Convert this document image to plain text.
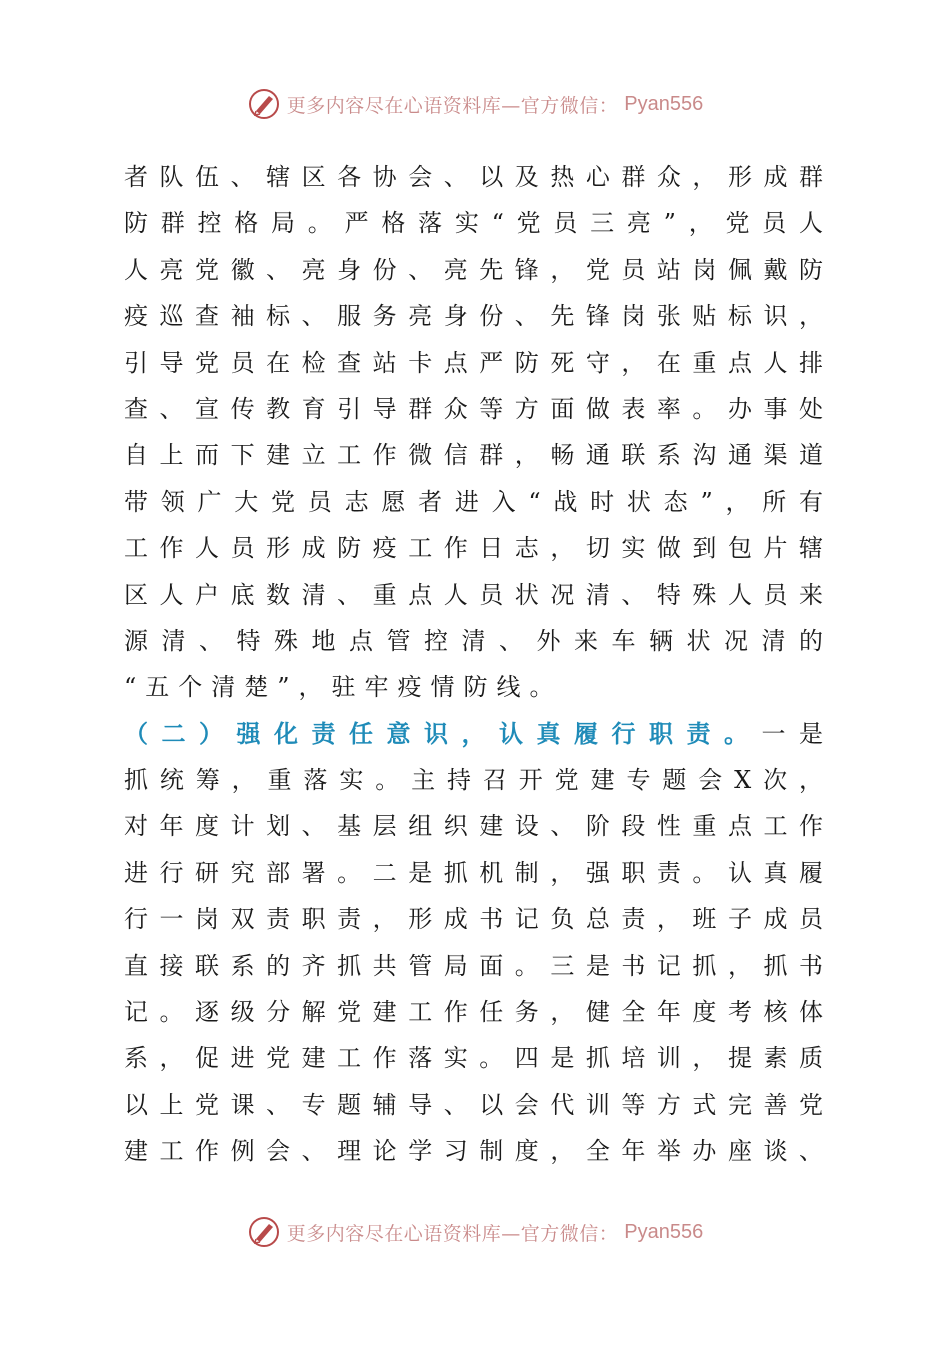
更多内容尽在心语资料库—官方微信： Pyan556
者队伍、辖区各协会、以及热心群众，形成群
防群控格局。严格落实“党员三亮”，党员人
人亮党徽、亮身份、亮先锋，党员站岗佩戴防
疫巡查袖标、服务亮身份、先锋岗张贴标识，
引导党员在检查站卡点严防死守，在重点人排
查、宣传教育引导群众等方面做表率。办事处
自上而下建立工作微信群，畅通联系沟通渠道
带领广大党员志愿者进入“战时状态”，所有
工作人员形成防疫工作日志，切实做到包片辖
区人户底数清、重点人员状况清、特殊人员来
源清、特殊地点管控清、外来车辆状况清的
“五个清楚”，驻牢疫情防线。
（二）强化责任意识，认真履行职责。一是
抓统筹，重落实。主持召开党建专题会X次，
对年度计划、基层组织建设、阶段性重点工作
进行研究部署。二是抓机制，强职责。认真履
行一岗双责职责，形成书记负总责，班子成员
直接联系的齐抓共管局面。三是书记抓，抓书
记。逐级分解党建工作任务，健全年度考核体
系，促进党建工作落实。四是抓培训，提素质
以上党课、专题辅导、以会代训等方式完善党
建工作例会、理论学习制度，全年举办座谈、
更多内容尽在心语资料库—官方微信： Pyan556
